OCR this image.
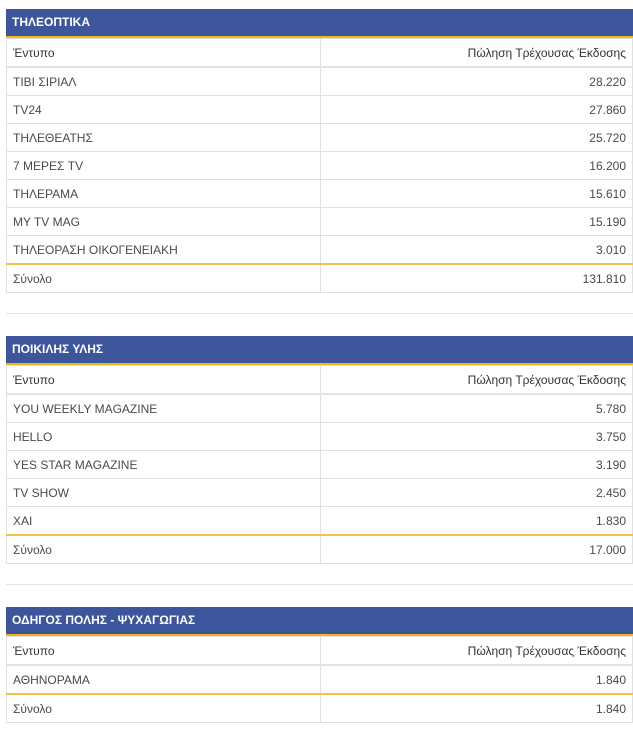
ΤΗΛΕΟΠΤΙΚΑ
Έντυπο	Πώληση Τρέχουσας Έκδοσης
ΤΙΒΙ ΣΙΡΙΑΛ	28.220
TV24	27.860
ΤΗΛΕΘΕΑΤΗΣ	25.720
7 ΜΕΡΕΣ TV	16.200
ΤΗΛΕΡΑΜΑ	15.610
MY TV MAG	15.190
ΤΗΛΕΟΡΑΣΗ ΟΙΚΟΓΕΝΕΙΑΚΗ	3.010
Σύνολο	131.810
ΠΟΙΚΙΛΗΣ ΥΛΗΣ
Έντυπο	Πώληση Τρέχουσας Έκδοσης
YOU WEEKLY MAGAZINE	5.780
HELLO	3.750
YES STAR MAGAZINE	3.190
TV SHOW	2.450
ΧΑΙ	1.830
Σύνολο	17.000
ΟΔΗΓΟΣ ΠΟΛΗΣ - ΨΥΧΑΓΩΓΙΑΣ
Έντυπο	Πώληση Τρέχουσας Έκδοσης
ΑΘΗΝΟΡΑΜΑ	1.840
Σύνολο	1.840
